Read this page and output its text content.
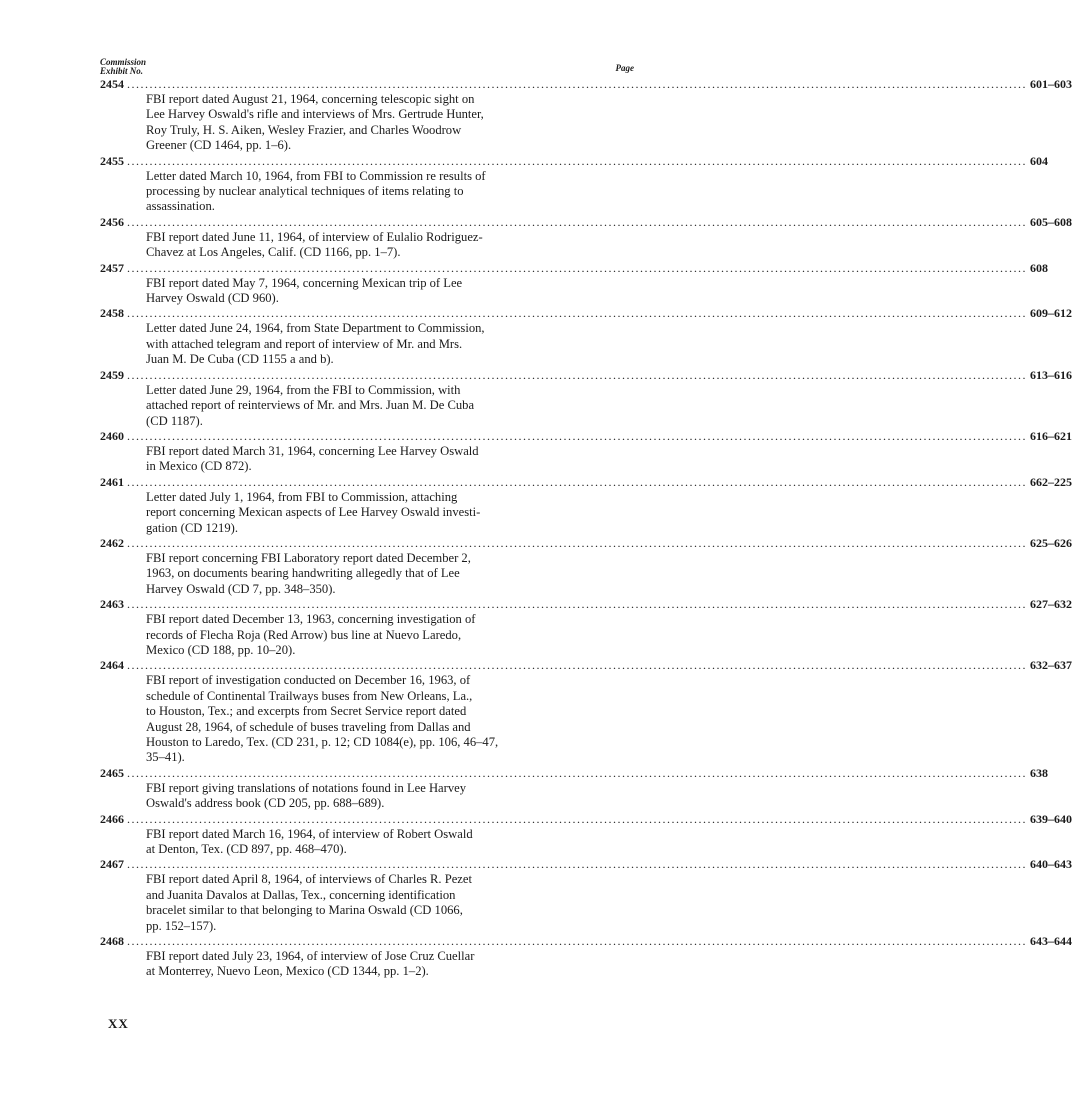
Commission
Exhibit No.	Page
2454 ........................................................................................................................................................................................................ 601–603

FBI report dated August 21, 1964, concerning telescopic sight on
Lee Harvey Oswald's rifle and interviews of Mrs. Gertrude Hunter,
Roy Truly, H. S. Aiken, Wesley Frazier, and Charles Woodrow
Greener (CD 1464, pp. 1–6).

2455 ........................................................................................................................................................................................................ 604

Letter dated March 10, 1964, from FBI to Commission re results of
processing by nuclear analytical techniques of items relating to
assassination.

2456 ........................................................................................................................................................................................................ 605–608

FBI report dated June 11, 1964, of interview of Eulalio Rodriguez-
Chavez at Los Angeles, Calif. (CD 1166, pp. 1–7).

2457 ........................................................................................................................................................................................................ 608

FBI report dated May 7, 1964, concerning Mexican trip of Lee
Harvey Oswald (CD 960).

2458 ........................................................................................................................................................................................................ 609–612

Letter dated June 24, 1964, from State Department to Commission,
with attached telegram and report of interview of Mr. and Mrs.
Juan M. De Cuba (CD 1155 a and b).

2459 ........................................................................................................................................................................................................ 613–616

Letter dated June 29, 1964, from the FBI to Commission, with
attached report of reinterviews of Mr. and Mrs. Juan M. De Cuba
(CD 1187).

2460 ........................................................................................................................................................................................................ 616–621

FBI report dated March 31, 1964, concerning Lee Harvey Oswald
in Mexico (CD 872).

2461 ........................................................................................................................................................................................................ 662–225

Letter dated July 1, 1964, from FBI to Commission, attaching
report concerning Mexican aspects of Lee Harvey Oswald investi-
gation (CD 1219).

2462 ........................................................................................................................................................................................................ 625–626

FBI report concerning FBI Laboratory report dated December 2,
1963, on documents bearing handwriting allegedly that of Lee
Harvey Oswald (CD 7, pp. 348–350).

2463 ........................................................................................................................................................................................................ 627–632

FBI report dated December 13, 1963, concerning investigation of
records of Flecha Roja (Red Arrow) bus line at Nuevo Laredo,
Mexico (CD 188, pp. 10–20).

2464 ........................................................................................................................................................................................................ 632–637

FBI report of investigation conducted on December 16, 1963, of
schedule of Continental Trailways buses from New Orleans, La.,
to Houston, Tex.; and excerpts from Secret Service report dated
August 28, 1964, of schedule of buses traveling from Dallas and
Houston to Laredo, Tex. (CD 231, p. 12; CD 1084(e), pp. 106, 46–47,
35–41).

2465 ........................................................................................................................................................................................................ 638

FBI report giving translations of notations found in Lee Harvey
Oswald's address book (CD 205, pp. 688–689).

2466 ........................................................................................................................................................................................................ 639–640

FBI report dated March 16, 1964, of interview of Robert Oswald
at Denton, Tex. (CD 897, pp. 468–470).

2467 ........................................................................................................................................................................................................ 640–643

FBI report dated April 8, 1964, of interviews of Charles R. Pezet
and Juanita Davalos at Dallas, Tex., concerning identification
bracelet similar to that belonging to Marina Oswald (CD 1066,
pp. 152–157).

2468 ........................................................................................................................................................................................................ 643–644

FBI report dated July 23, 1964, of interview of Jose Cruz Cuellar
at Monterrey, Nuevo Leon, Mexico (CD 1344, pp. 1–2).

XX
